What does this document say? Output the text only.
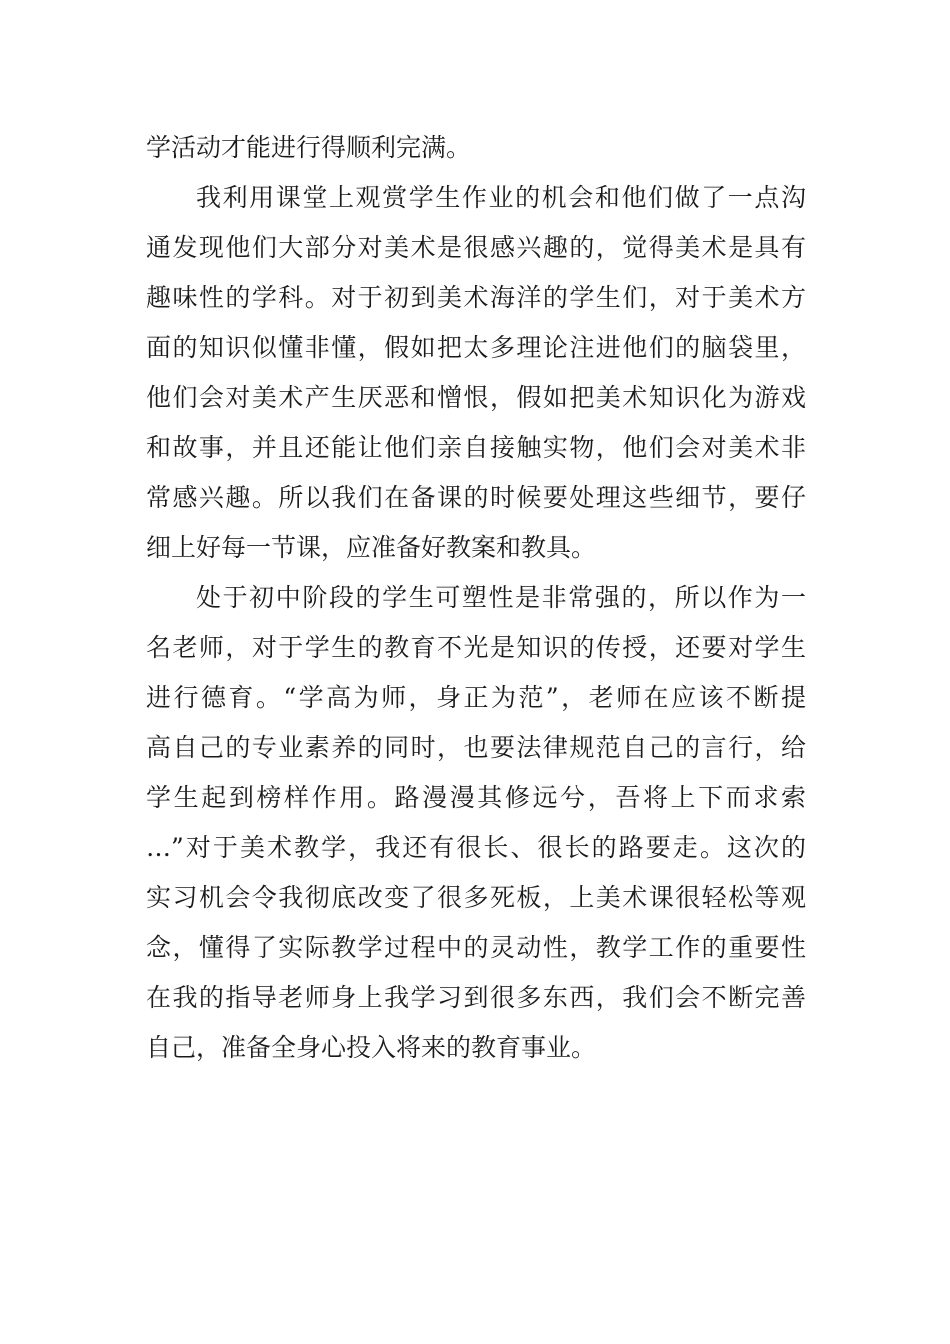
学活动才能进行得顺利完满。
我利用课堂上观赏学生作业的机会和他们做了一点沟
通发现他们大部分对美术是很感兴趣的，觉得美术是具有
趣味性的学科。对于初到美术海洋的学生们，对于美术方
面的知识似懂非懂，假如把太多理论注进他们的脑袋里，
他们会对美术产生厌恶和憎恨，假如把美术知识化为游戏
和故事，并且还能让他们亲自接触实物，他们会对美术非
常感兴趣。所以我们在备课的时候要处理这些细节，要仔
细上好每一节课，应准备好教案和教具。
处于初中阶段的学生可塑性是非常强的，所以作为一
名老师，对于学生的教育不光是知识的传授，还要对学生
进行德育。“学高为师，身正为范”，老师在应该不断提
高自己的专业素养的同时，也要法律规范自己的言行，给
学生起到榜样作用。路漫漫其修远兮，吾将上下而求索
…”对于美术教学，我还有很长、很长的路要走。这次的
实习机会令我彻底改变了很多死板，上美术课很轻松等观
念，懂得了实际教学过程中的灵动性，教学工作的重要性
在我的指导老师身上我学习到很多东西，我们会不断完善
自己，准备全身心投入将来的教育事业。
